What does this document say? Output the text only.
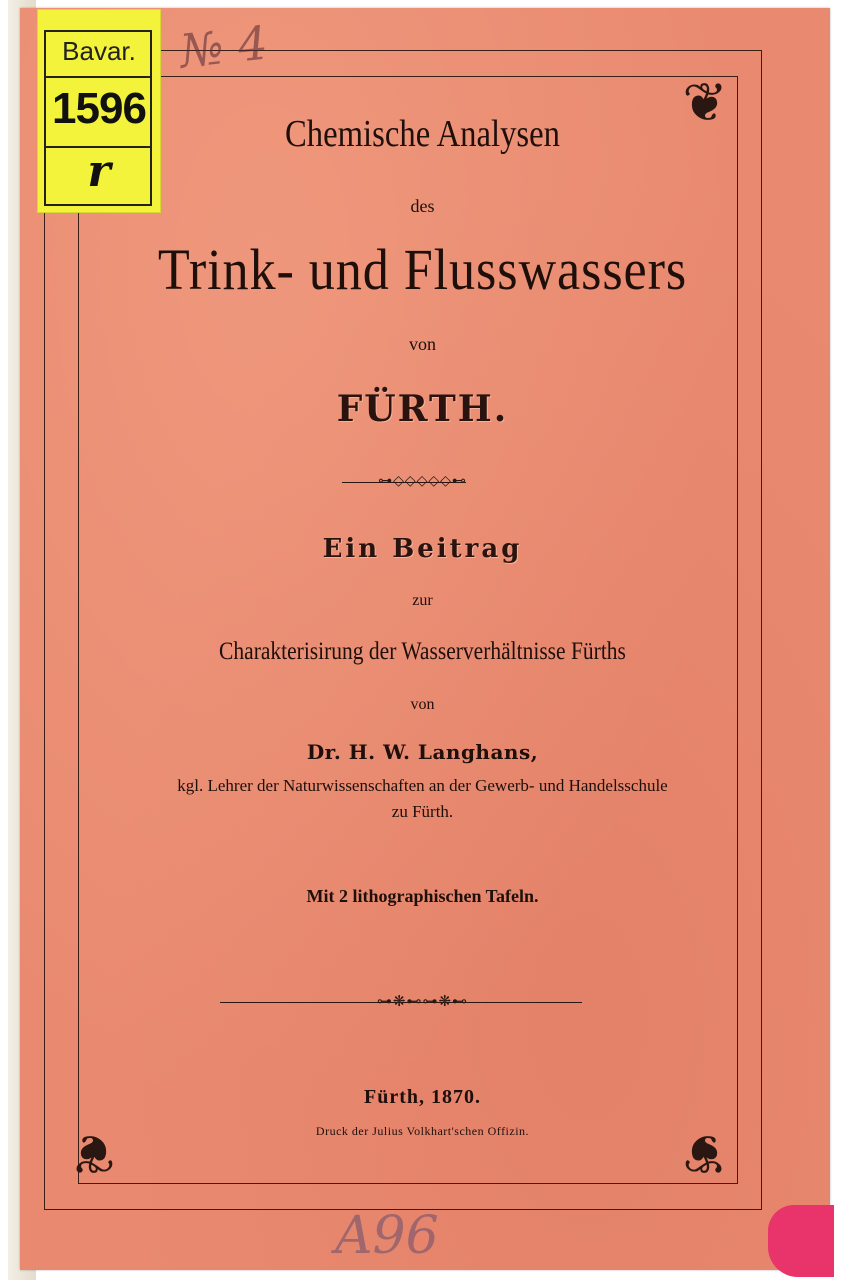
❦
❦	❦
Bavar.
1596
r
№ 4
Chemische Analysen
des
Trink- und Flusswassers
von
FÜRTH.
⊶◇◇◇◇◇⊷
Ein Beitrag
zur
Charakterisirung der Wasserverhältnisse Fürths
von
Dr. H. W. Langhans,
kgl. Lehrer der Naturwissenschaften an der Gewerb- und Handelsschule
zu Fürth.
Mit 2 lithographischen Tafeln.
⊶❋⊷⊶❋⊷
Fürth, 1870.
Druck der Julius Volkhart'schen Offizin.
A96
